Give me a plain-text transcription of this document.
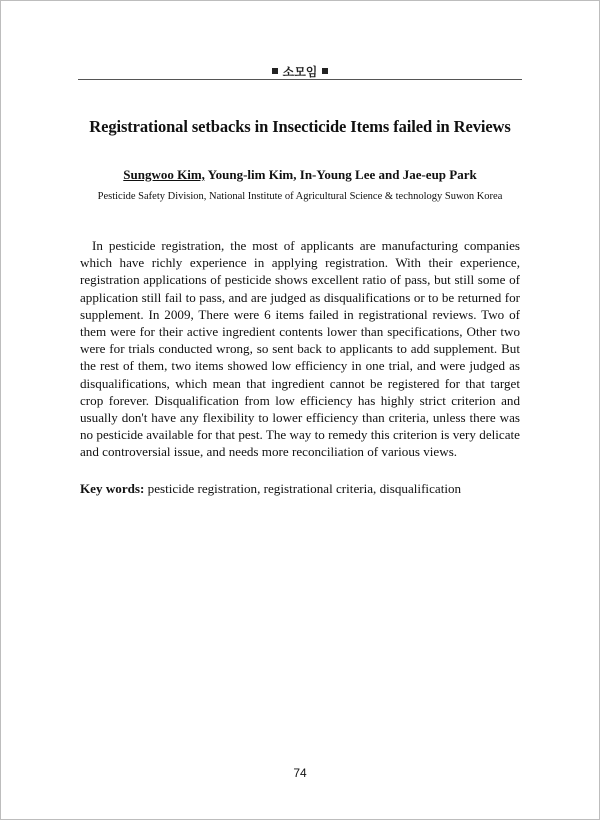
소모임
Registrational setbacks in Insecticide Items failed in Reviews
Sungwoo Kim, Young-lim Kim, In-Young Lee and Jae-eup Park
Pesticide Safety Division, National Institute of Agricultural Science & technology Suwon Korea

In pesticide registration, the most of applicants are manufacturing companies which have richly experience in applying registration. With their experience, registration applications of pesticide shows excellent ratio of pass, but still some of application still fail to pass, and are judged as disqualifications or to be returned for supplement. In 2009, There were 6 items failed in registrational reviews. Two of them were for their active ingredient contents lower than specifications, Other two were for trials conducted wrong, so sent back to applicants to add supplement. But the rest of them, two items showed low efficiency in one trial, and were judged as disqualifications, which mean that ingredient cannot be registered for that target crop forever. Disqualification from low efficiency has highly strict criterion and usually don't have any flexibility to lower efficiency than criteria, unless there was no pesticide available for that pest. The way to remedy this criterion is very delicate and controversial issue, and needs more reconciliation of various views.

Key words: pesticide registration, registrational criteria, disqualification
74
